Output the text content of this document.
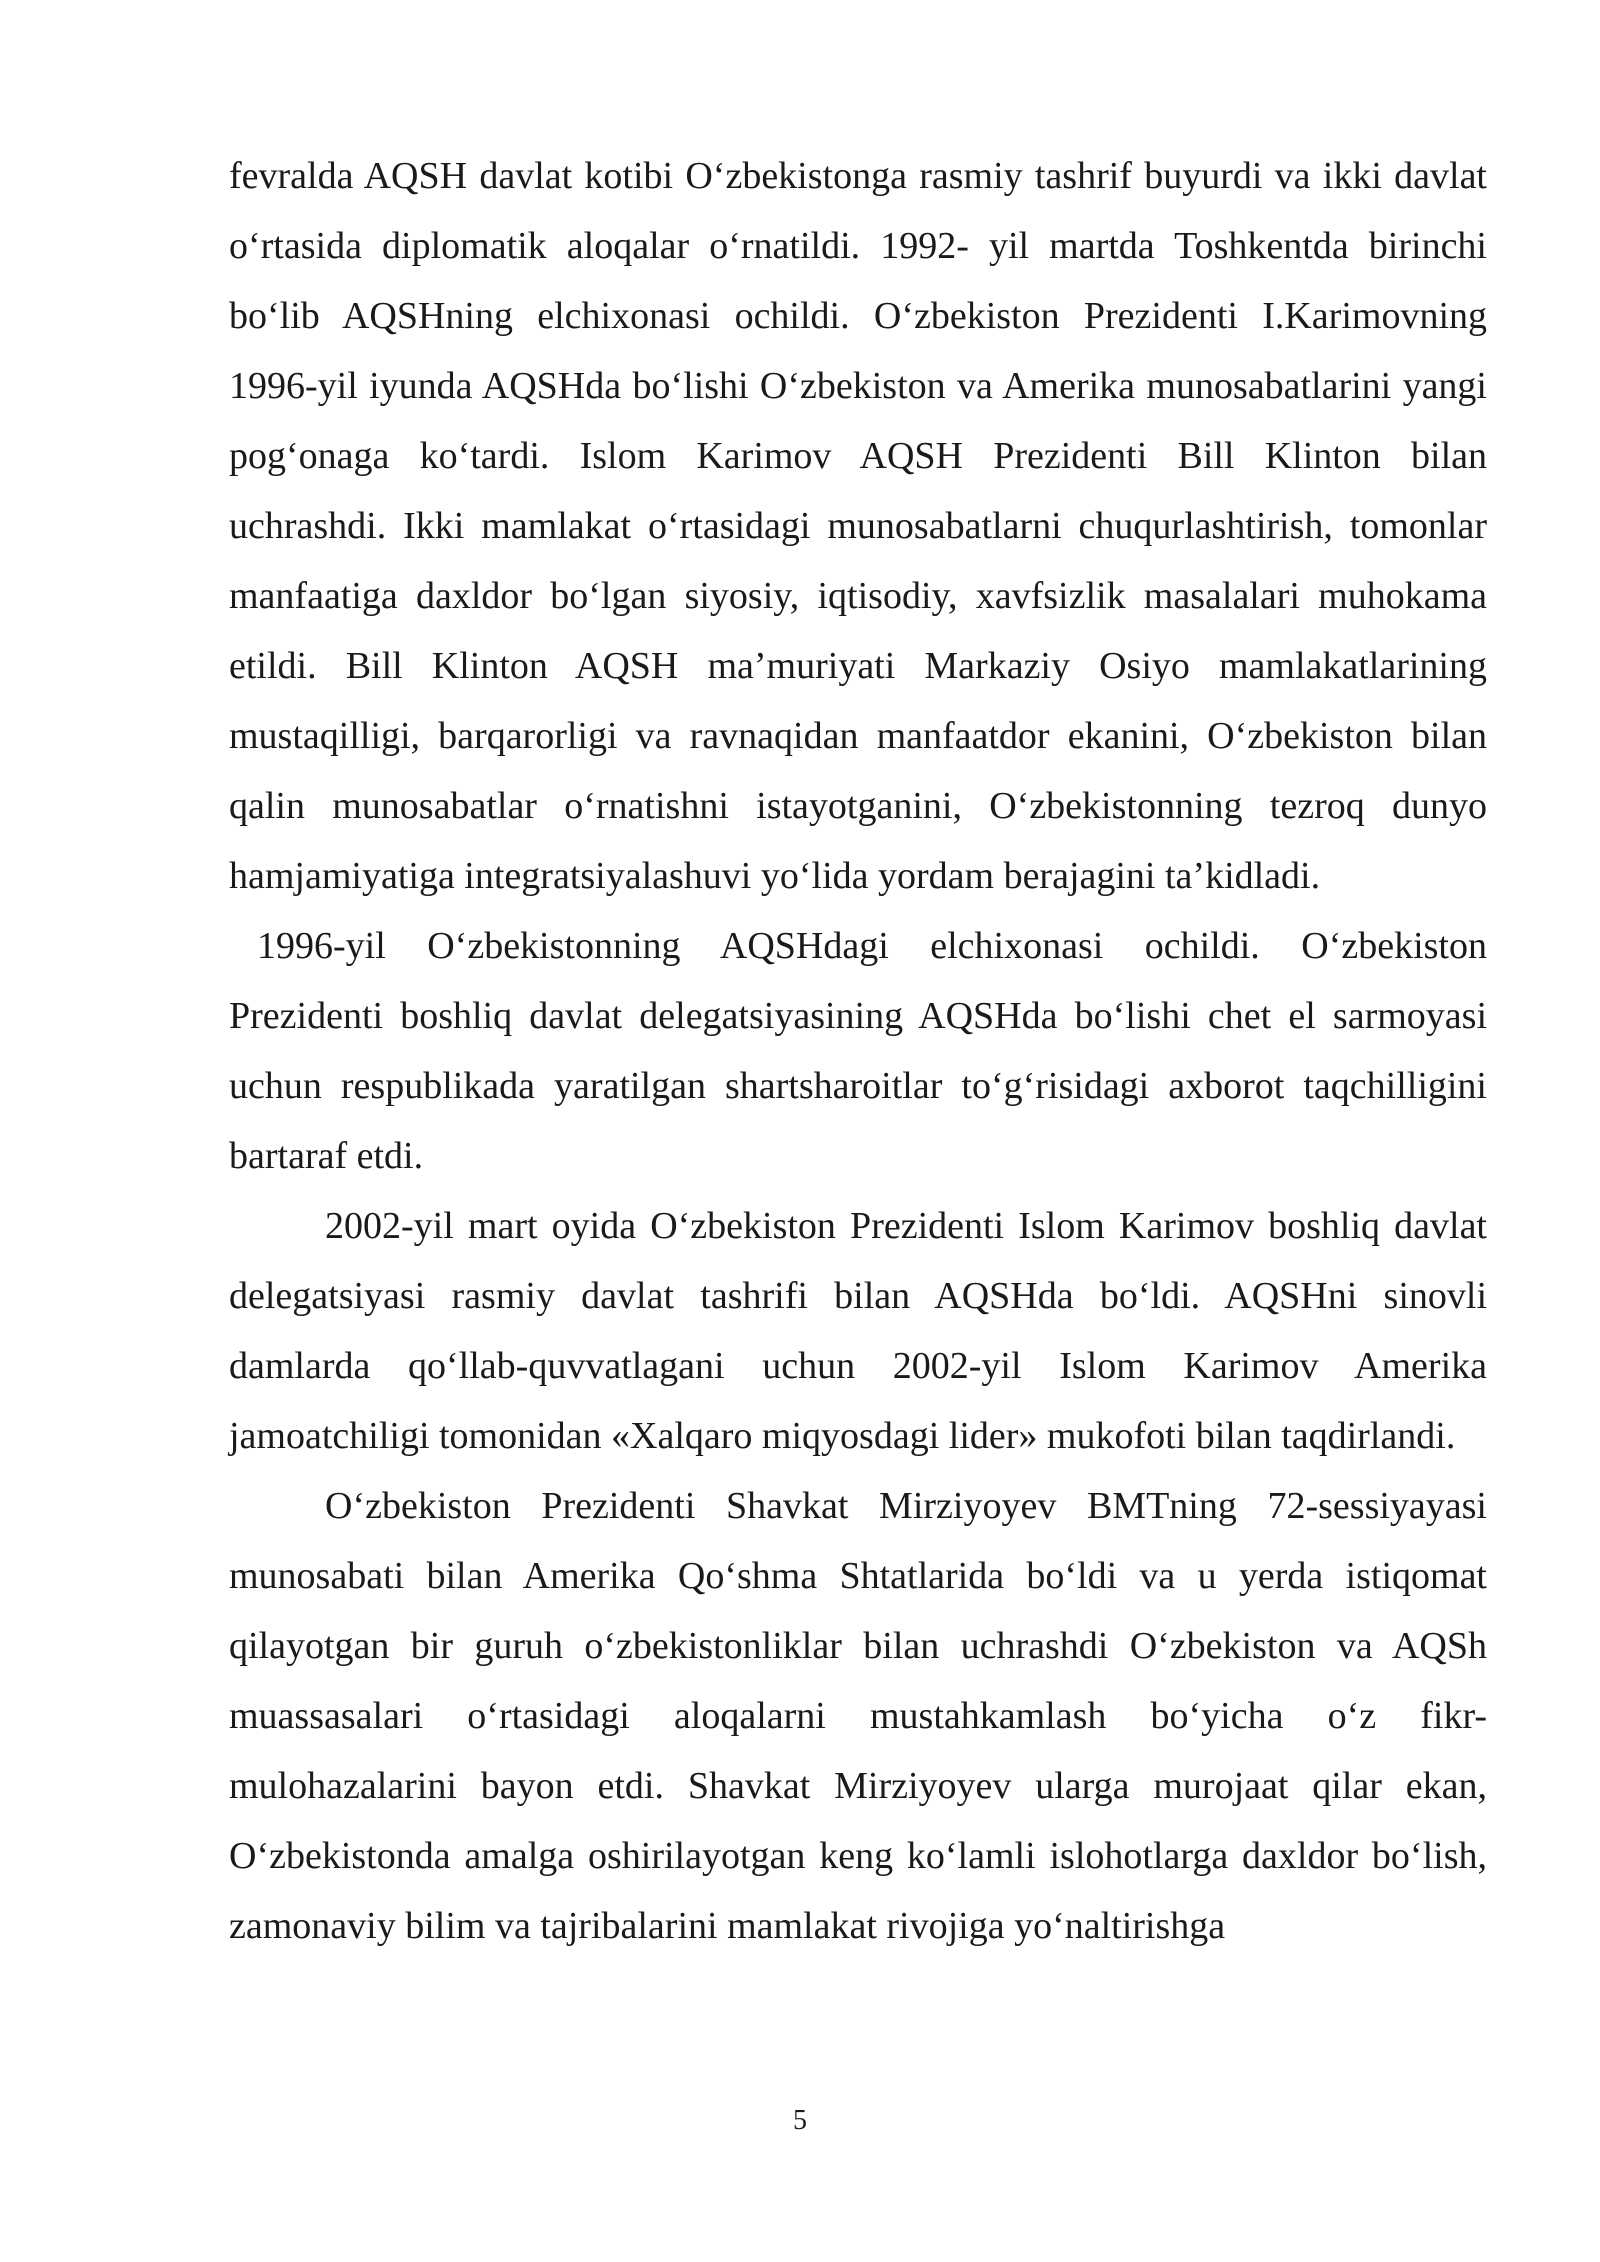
fevralda AQSH davlat kotibi O‘zbekistonga rasmiy tashrif buyurdi va ikki davlat o‘rtasida diplomatik aloqalar o‘rnatildi. 1992- yil martda Toshkentda birinchi bo‘lib AQSHning elchixonasi ochildi. O‘zbekiston Prezidenti I.Karimovning 1996-yil iyunda AQSHda bo‘lishi O‘zbekiston va Amerika munosabatlarini yangi pog‘onaga ko‘tardi. Islom Karimov AQSH Prezidenti Bill Klinton bilan uchrashdi. Ikki mamlakat o‘rtasidagi munosabatlarni chuqurlashtirish, tomonlar manfaatiga daxldor bo‘lgan siyosiy, iqtisodiy, xavfsizlik masalalari muhokama etildi. Bill Klinton AQSH ma’muriyati Markaziy Osiyo mamlakatlarining mustaqilligi, barqarorligi va ravnaqidan manfaatdor ekanini, O‘zbekiston bilan qalin munosabatlar o‘rnatishni istayotganini, O‘zbekistonning tezroq dunyo hamjamiyatiga integratsiyalashuvi yo‘lida yordam berajagini ta’kidladi.

1996-yil O‘zbekistonning AQSHdagi elchixonasi ochildi. O‘zbekiston Prezidenti boshliq davlat delegatsiyasining AQSHda bo‘lishi chet el sarmoyasi uchun respublikada yaratilgan shartsharoitlar to‘g‘risidagi axborot taqchilligini bartaraf etdi.

2002-yil mart oyida O‘zbekiston Prezidenti Islom Karimov boshliq davlat delegatsiyasi rasmiy davlat tashrifi bilan AQSHda bo‘ldi. AQSHni sinovli damlarda qo‘llab-quvvatlagani uchun 2002-yil Islom Karimov Amerika jamoatchiligi tomonidan «Xalqaro miqyosdagi lider» mukofoti bilan taqdirlandi.

O‘zbekiston Prezidenti Shavkat Mirziyoyev BMTning 72-sessiyayasi munosabati bilan Amerika Qo‘shma Shtatlarida bo‘ldi va u yerda istiqomat qilayotgan bir guruh o‘zbekistonliklar bilan uchrashdi O‘zbekiston va AQSh muassasalari o‘rtasidagi aloqalarni mustahkamlash bo‘yicha o‘z fikr-mulohazalarini bayon etdi. Shavkat Mirziyoyev ularga murojaat qilar ekan, O‘zbekistonda amalga oshirilayotgan keng ko‘lamli islohotlarga daxldor bo‘lish, zamonaviy bilim va tajribalarini mamlakat rivojiga yo‘naltirishga

5
